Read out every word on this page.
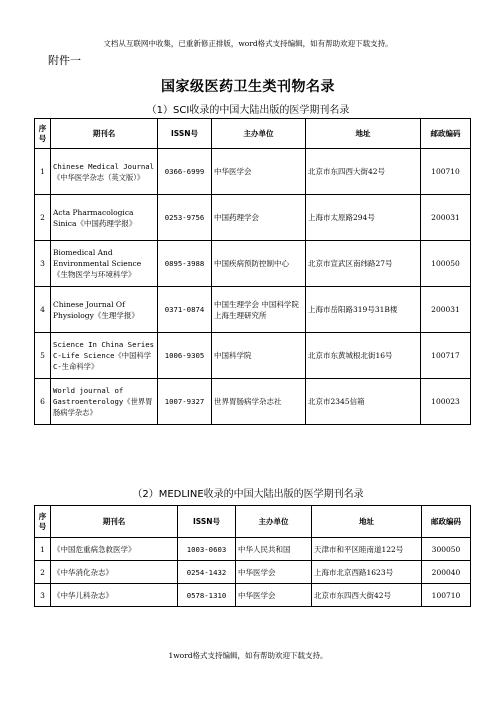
文档从互联网中收集，已重新修正排版，word格式支持编辑，如有帮助欢迎下载支持。
附件一
国家级医药卫生类刊物名录
（1）SCI收录的中国大陆出版的医学期刊名录
序号	期刊名	ISSN号	主办单位	地址	邮政编码
1	Chinese Medical Journal《中华医学杂志（英文版）》	0366-6999	中华医学会	北京市东四西大街42号	100710
2	Acta Pharmacologica Sinica《中国药理学报》	0253-9756	中国药理学会	上海市太原路294号	200031
3	Biomedical And Environmental Science《生物医学与环境科学》	0895-3988	中国疾病预防控制中心	北京市宣武区南纬路27号	100050
4	Chinese Journal Of Physiology《生理学报》	0371-0874	中国生理学会 中国科学院上海生理研究所	上海市岳阳路319号31B楼	200031
5	Science In China Series C-Life Science《中国科学C-生命科学》	1006-9305	中国科学院	北京市东黄城根北街16号	100717
6	World journal of Gastroenterology《世界胃肠病学杂志》	1007-9327	世界胃肠病学杂志社	北京市2345信箱	100023
（2）MEDLINE收录的中国大陆出版的医学期刊名录
序号	期刊名	ISSN号	主办单位	地址	邮政编码
1	《中国危重病急救医学》	1003-0603	中华人民共和国	天津市和平区睦南道122号	300050
2	《中华消化杂志》	0254-1432	中华医学会	上海市北京西路1623号	200040
3	《中华儿科杂志》	0578-1310	中华医学会	北京市东四西大街42号	100710
1word格式支持编辑，如有帮助欢迎下载支持。
